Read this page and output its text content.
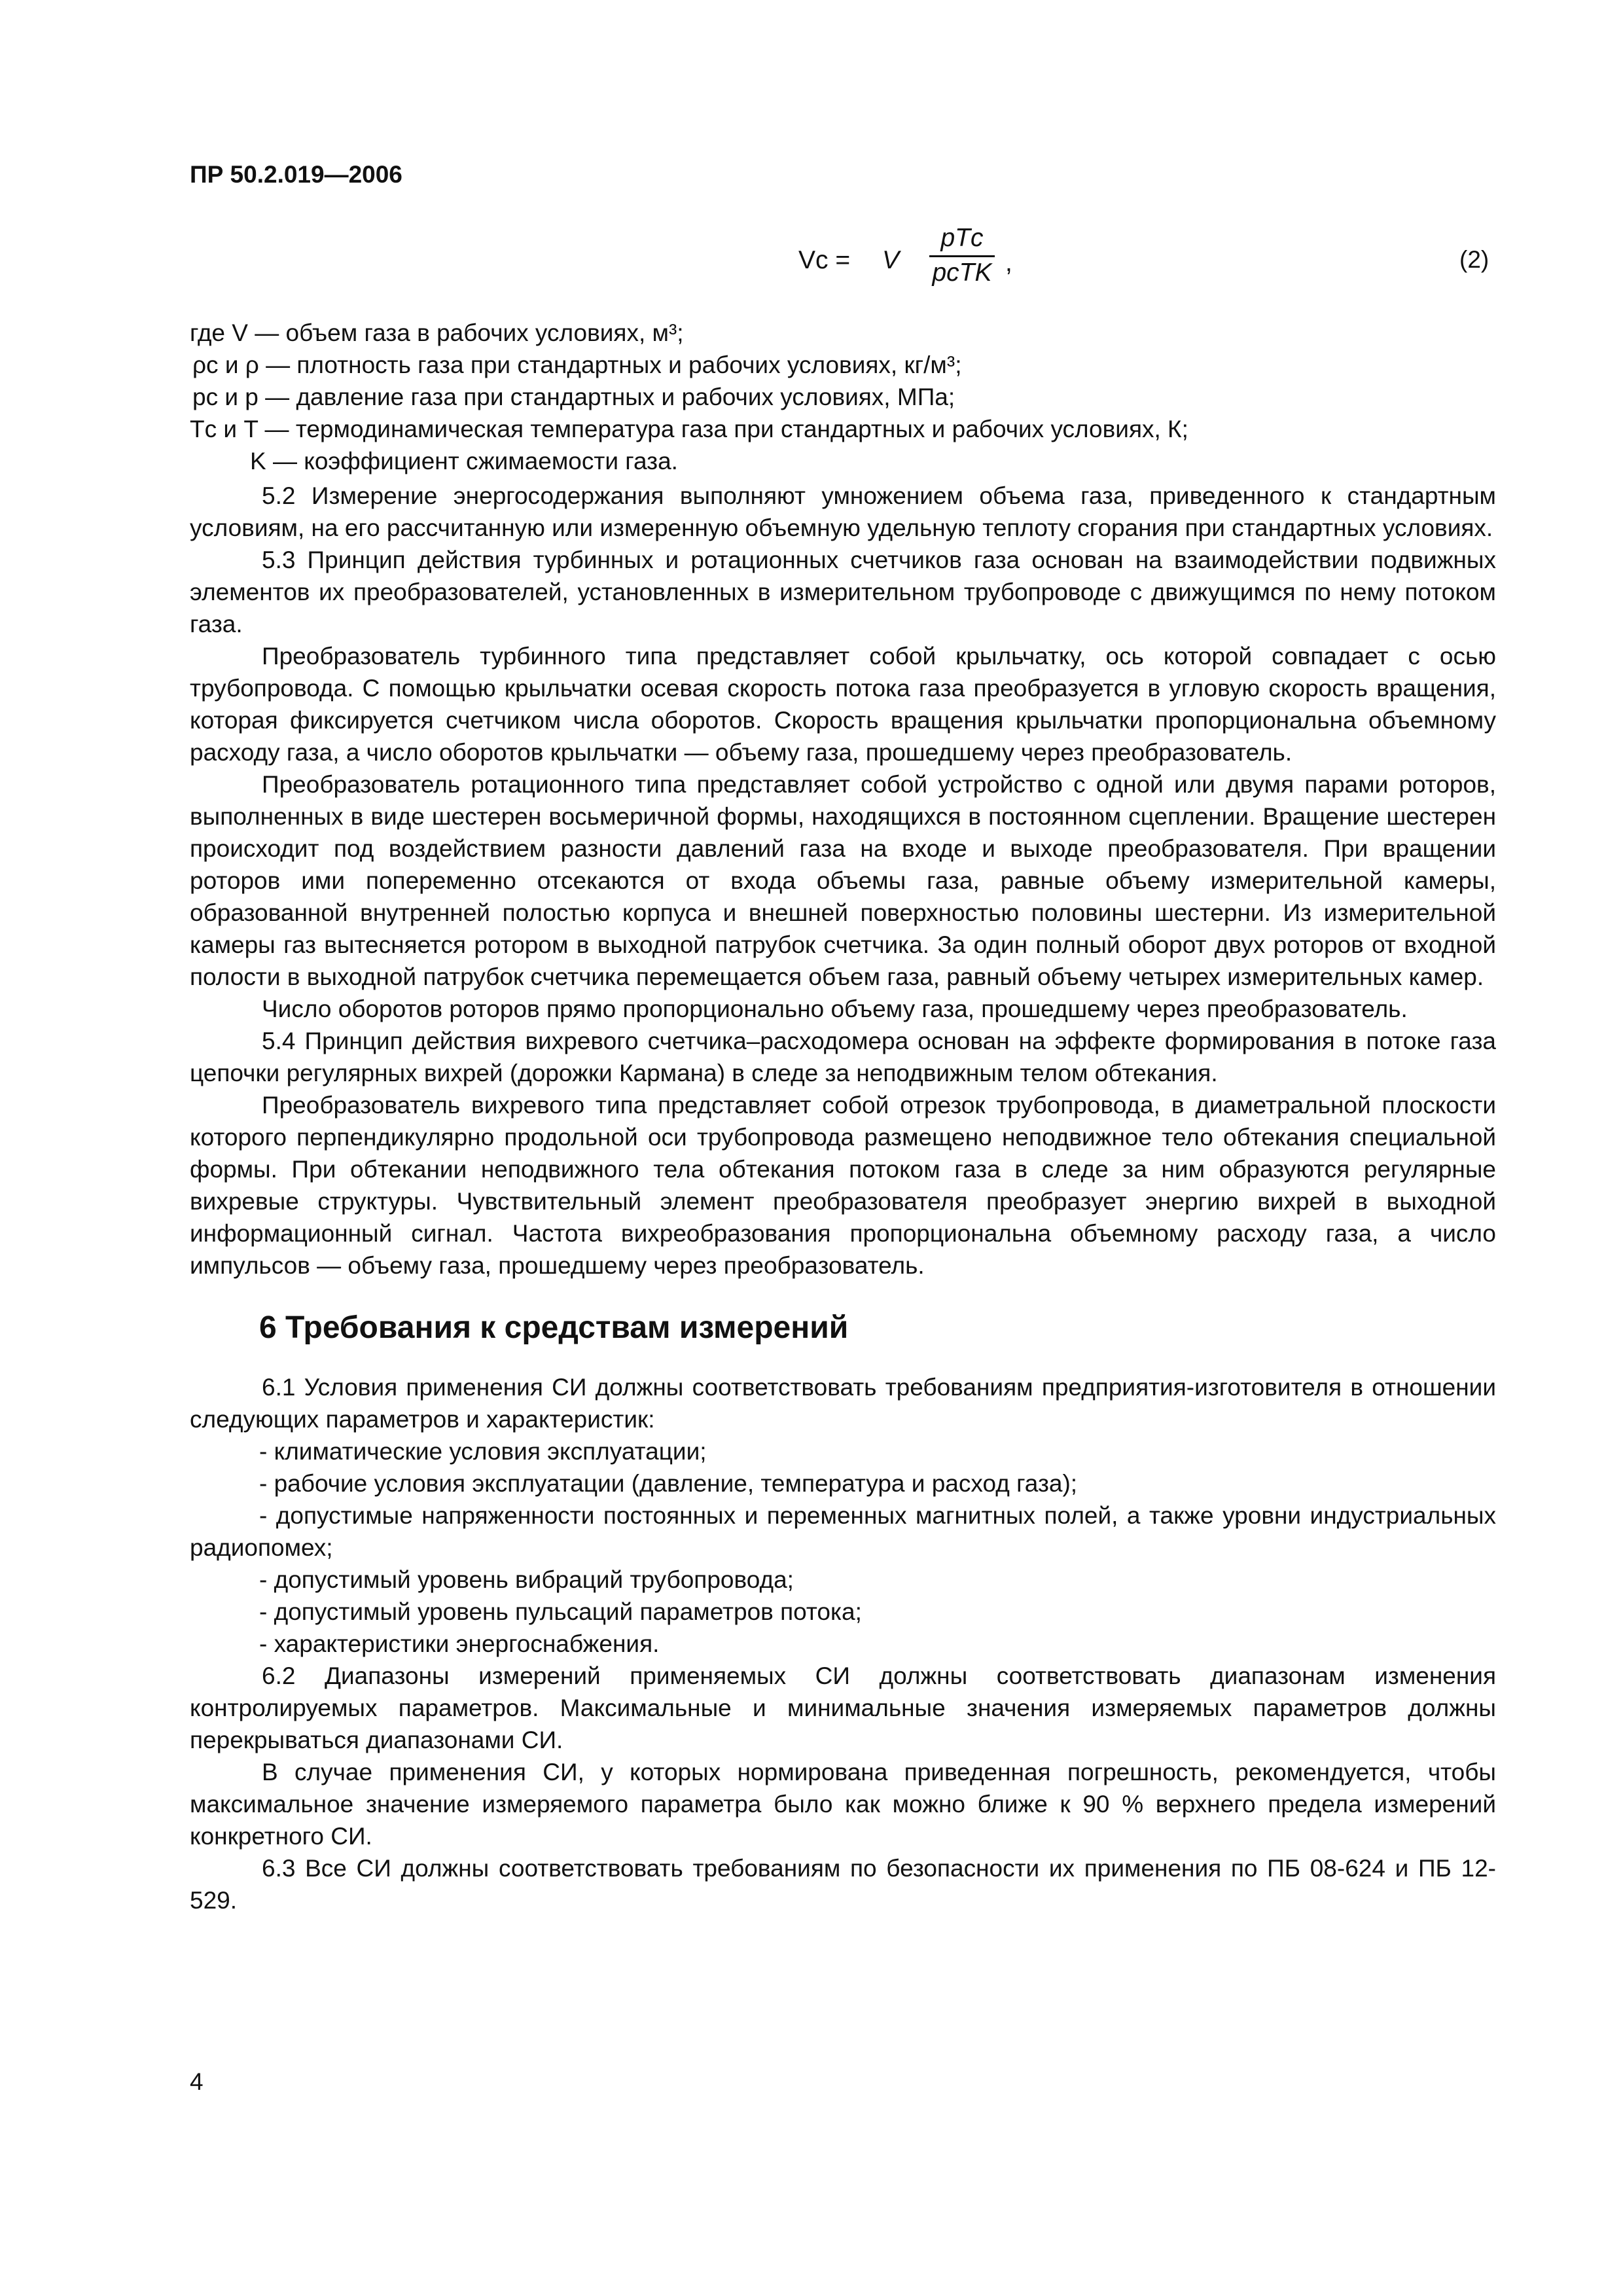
ПР 50.2.019—2006
Vс = V
pTс
pсTK ,	(2)
где V — объем газа в рабочих условиях, м³;
ρс и ρ — плотность газа при стандартных и рабочих условиях, кг/м³;
pс и p — давление газа при стандартных и рабочих условиях, МПа;
Tс и T — термодинамическая температура газа при стандартных и рабочих условиях, К;
K — коэффициент сжимаемости газа.

5.2 Измерение энергосодержания выполняют умножением объема газа, приведенного к стандартным условиям, на его рассчитанную или измеренную объемную удельную теплоту сгорания при стандартных условиях.

5.3 Принцип действия турбинных и ротационных счетчиков газа основан на взаимодействии подвижных элементов их преобразователей, установленных в измерительном трубопроводе с движущимся по нему потоком газа.

Преобразователь турбинного типа представляет собой крыльчатку, ось которой совпадает с осью трубопровода. С помощью крыльчатки осевая скорость потока газа преобразуется в угловую скорость вращения, которая фиксируется счетчиком числа оборотов. Скорость вращения крыльчатки пропорциональна объемному расходу газа, а число оборотов крыльчатки — объему газа, прошедшему через преобразователь.

Преобразователь ротационного типа представляет собой устройство с одной или двумя парами роторов, выполненных в виде шестерен восьмеричной формы, находящихся в постоянном сцеплении. Вращение шестерен происходит под воздействием разности давлений газа на входе и выходе преобразователя. При вращении роторов ими попеременно отсекаются от входа объемы газа, равные объему измерительной камеры, образованной внутренней полостью корпуса и внешней поверхностью половины шестерни. Из измерительной камеры газ вытесняется ротором в выходной патрубок счетчика. За один полный оборот двух роторов от входной полости в выходной патрубок счетчика перемещается объем газа, равный объему четырех измерительных камер.

Число оборотов роторов прямо пропорционально объему газа, прошедшему через преобразователь.

5.4 Принцип действия вихревого счетчика–расходомера основан на эффекте формирования в потоке газа цепочки регулярных вихрей (дорожки Кармана) в следе за неподвижным телом обтекания.

Преобразователь вихревого типа представляет собой отрезок трубопровода, в диаметральной плоскости которого перпендикулярно продольной оси трубопровода размещено неподвижное тело обтекания специальной формы. При обтекании неподвижного тела обтекания потоком газа в следе за ним образуются регулярные вихревые структуры. Чувствительный элемент преобразователя преобразует энергию вихрей в выходной информационный сигнал. Частота вихреобразования пропорциональна объемному расходу газа, а число импульсов — объему газа, прошедшему через преобразователь.

6 Требования к средствам измерений

6.1 Условия применения СИ должны соответствовать требованиям предприятия-изготовителя в отношении следующих параметров и характеристик:

- климатические условия эксплуатации;

- рабочие условия эксплуатации (давление, температура и расход газа);

- допустимые напряженности постоянных и переменных магнитных полей, а также уровни индустриальных радиопомех;

- допустимый уровень вибраций трубопровода;

- допустимый уровень пульсаций параметров потока;

- характеристики энергоснабжения.

6.2 Диапазоны измерений применяемых СИ должны соответствовать диапазонам изменения контролируемых параметров. Максимальные и минимальные значения измеряемых параметров должны перекрываться диапазонами СИ.

В случае применения СИ, у которых нормирована приведенная погрешность, рекомендуется, чтобы максимальное значение измеряемого параметра было как можно ближе к 90 % верхнего предела измерений конкретного СИ.

6.3 Все СИ должны соответствовать требованиям по безопасности их применения по ПБ 08-624 и ПБ 12-529.

4
